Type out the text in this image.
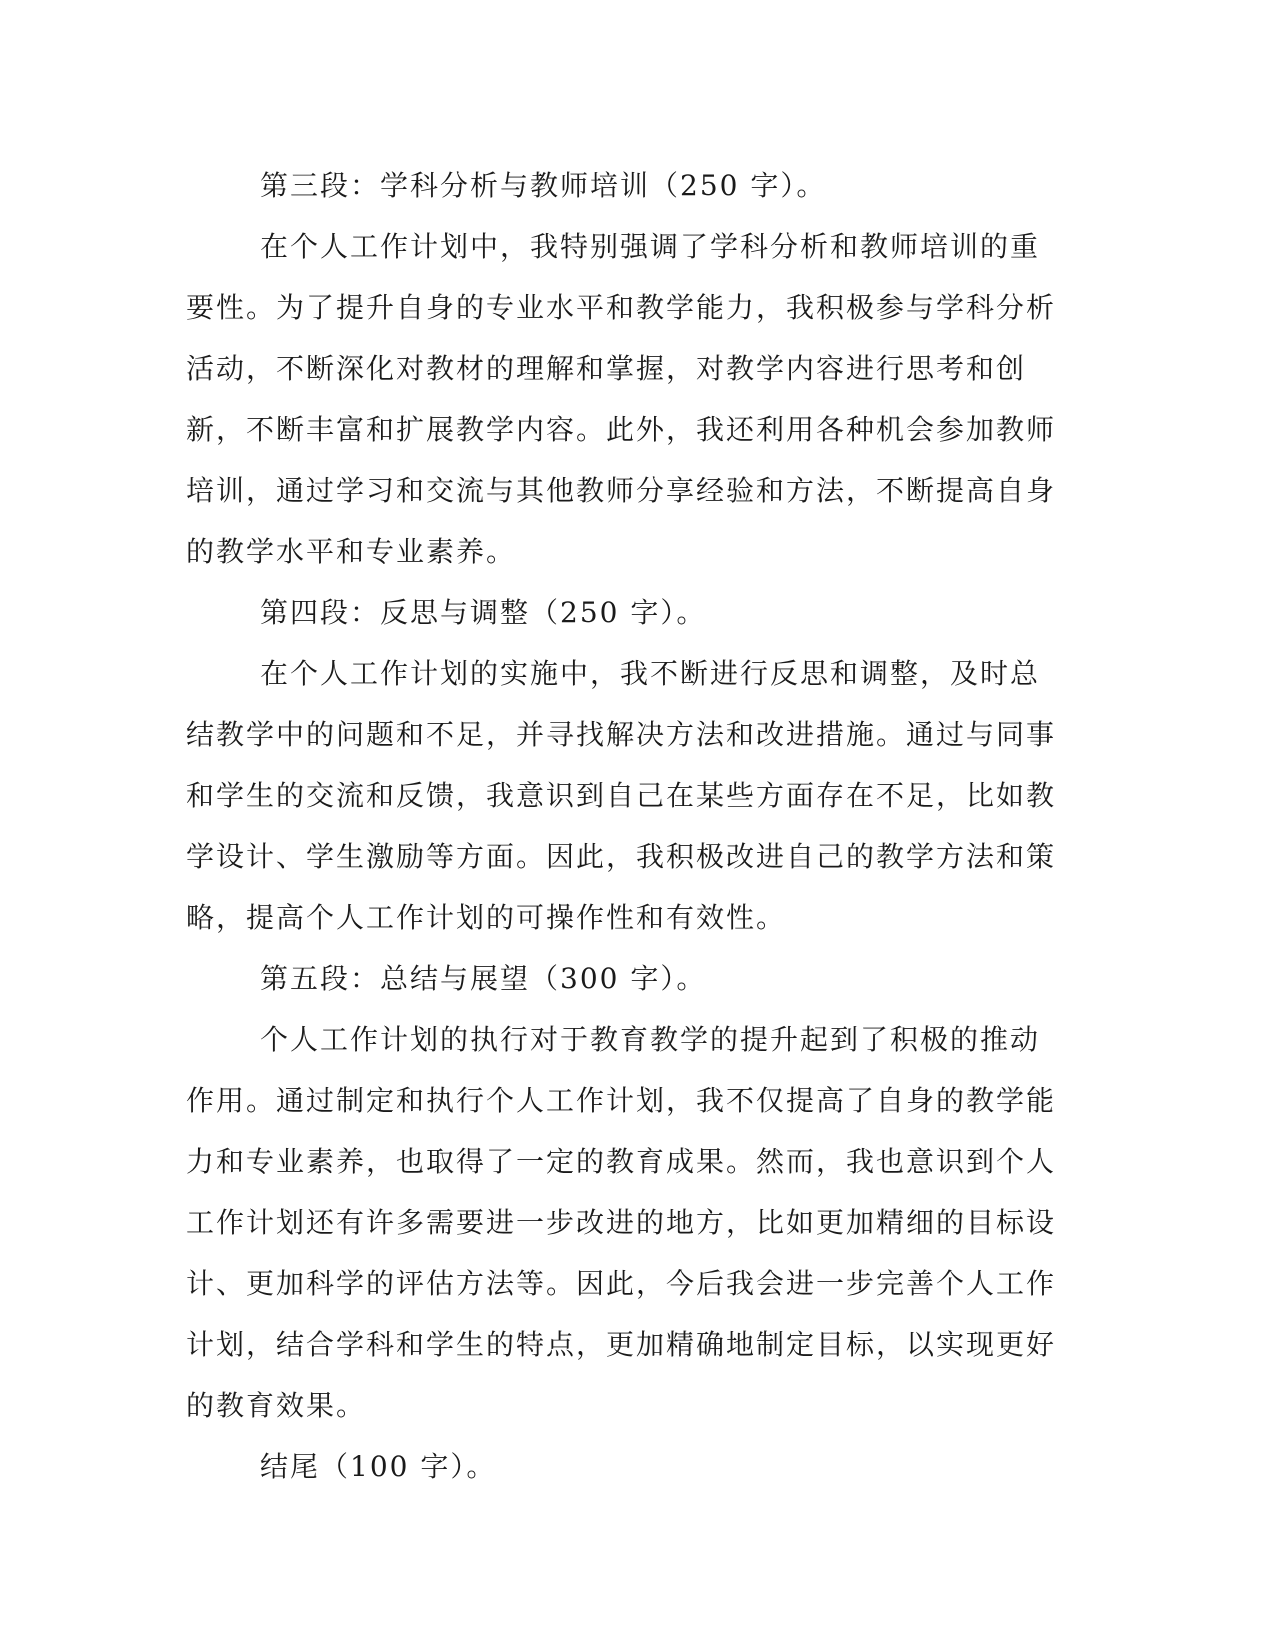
第三段：学科分析与教师培训（250 字）。

在个人工作计划中，我特别强调了学科分析和教师培训的重要性。为了提升自身的专业水平和教学能力，我积极参与学科分析活动，不断深化对教材的理解和掌握，对教学内容进行思考和创新，不断丰富和扩展教学内容。此外，我还利用各种机会参加教师培训，通过学习和交流与其他教师分享经验和方法，不断提高自身的教学水平和专业素养。

第四段：反思与调整（250 字）。

在个人工作计划的实施中，我不断进行反思和调整，及时总结教学中的问题和不足，并寻找解决方法和改进措施。通过与同事和学生的交流和反馈，我意识到自己在某些方面存在不足，比如教学设计、学生激励等方面。因此，我积极改进自己的教学方法和策略，提高个人工作计划的可操作性和有效性。

第五段：总结与展望（300 字）。

个人工作计划的执行对于教育教学的提升起到了积极的推动作用。通过制定和执行个人工作计划，我不仅提高了自身的教学能力和专业素养，也取得了一定的教育成果。然而，我也意识到个人工作计划还有许多需要进一步改进的地方，比如更加精细的目标设计、更加科学的评估方法等。因此，今后我会进一步完善个人工作计划，结合学科和学生的特点，更加精确地制定目标，以实现更好的教育效果。

结尾（100 字）。
